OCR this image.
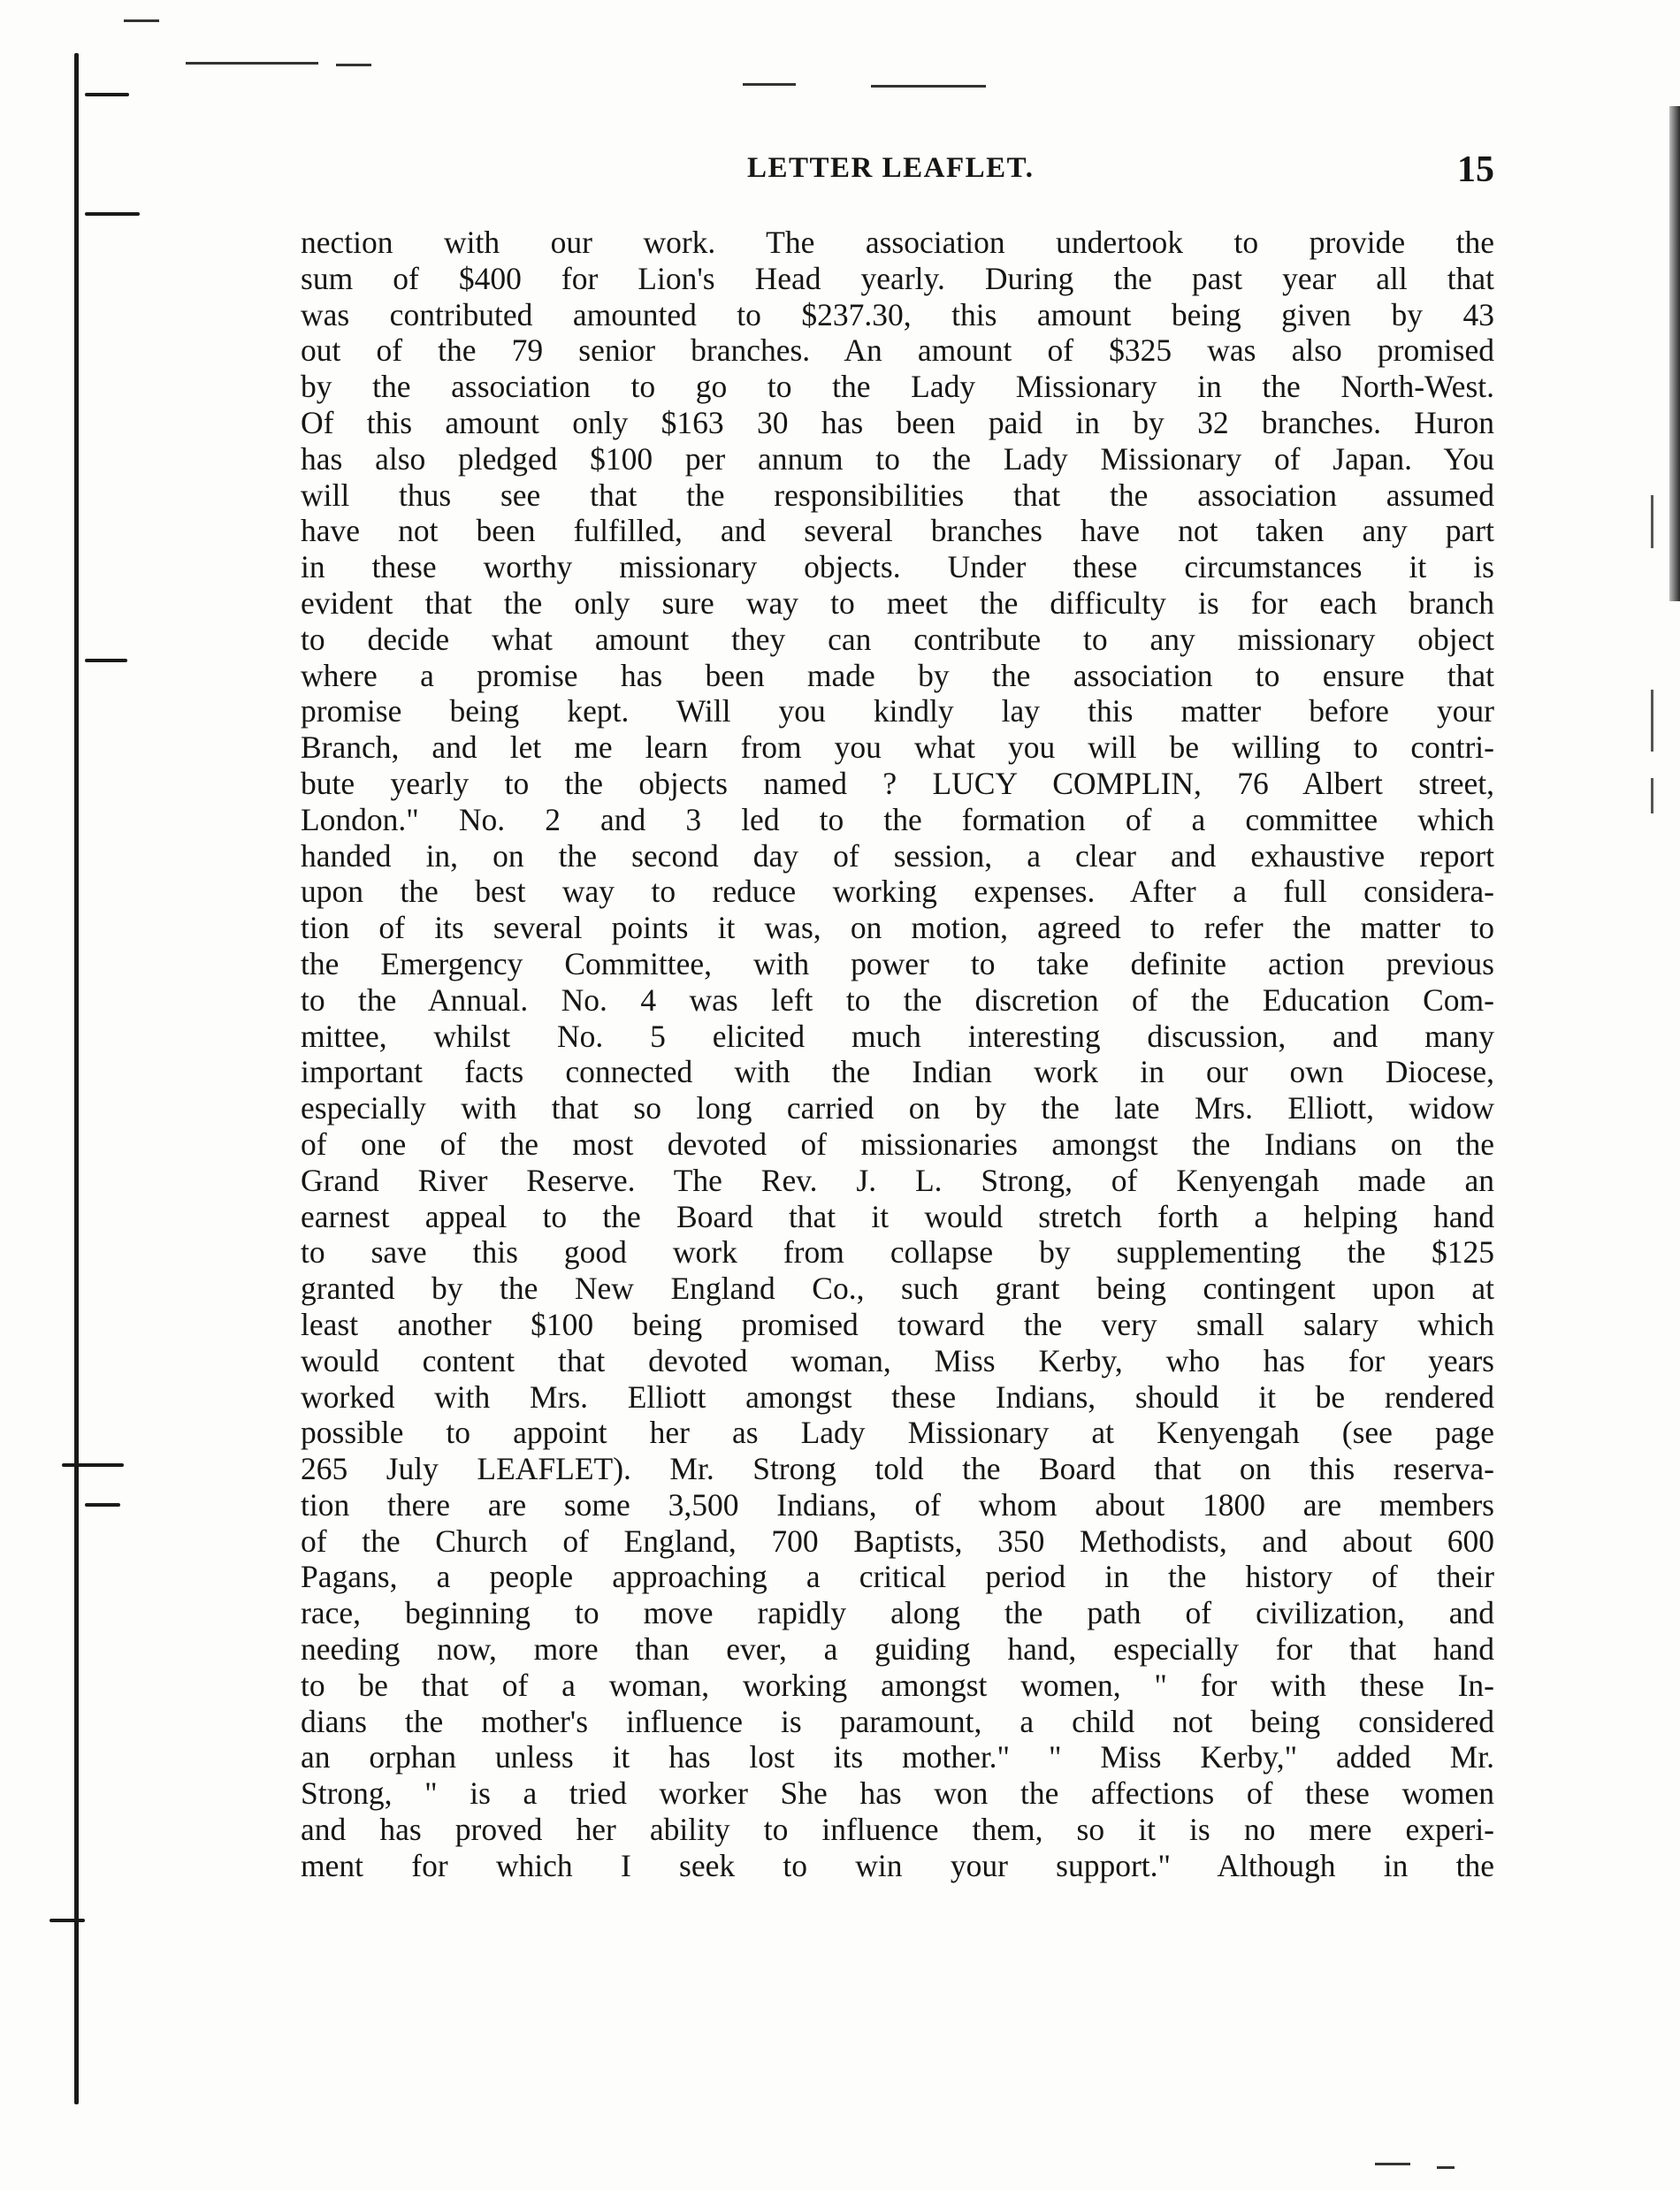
LETTER LEAFLET.	15
nection with our work. The association undertook to provide the
sum of $400 for Lion's Head yearly. During the past year all that
was contributed amounted to $237.30, this amount being given by 43
out of the 79 senior branches. An amount of $325 was also promised
by the association to go to the Lady Missionary in the North-West.
Of this amount only $163 30 has been paid in by 32 branches. Huron
has also pledged $100 per annum to the Lady Missionary of Japan. You
will thus see that the responsibilities that the association assumed
have not been fulfilled, and several branches have not taken any part
in these worthy missionary objects. Under these circumstances it is
evident that the only sure way to meet the difficulty is for each branch
to decide what amount they can contribute to any missionary object
where a promise has been made by the association to ensure that
promise being kept. Will you kindly lay this matter before your
Branch, and let me learn from you what you will be willing to contri-
bute yearly to the objects named ? LUCY COMPLIN, 76 Albert street,
London." No. 2 and 3 led to the formation of a committee which
handed in, on the second day of session, a clear and exhaustive report
upon the best way to reduce working expenses. After a full considera-
tion of its several points it was, on motion, agreed to refer the matter to
the Emergency Committee, with power to take definite action previous
to the Annual. No. 4 was left to the discretion of the Education Com-
mittee, whilst No. 5 elicited much interesting discussion, and many
important facts connected with the Indian work in our own Diocese,
especially with that so long carried on by the late Mrs. Elliott, widow
of one of the most devoted of missionaries amongst the Indians on the
Grand River Reserve. The Rev. J. L. Strong, of Kenyengah made an
earnest appeal to the Board that it would stretch forth a helping hand
to save this good work from collapse by supplementing the $125
granted by the New England Co., such grant being contingent upon at
least another $100 being promised toward the very small salary which
would content that devoted woman, Miss Kerby, who has for years
worked with Mrs. Elliott amongst these Indians, should it be rendered
possible to appoint her as Lady Missionary at Kenyengah (see page
265 July LEAFLET). Mr. Strong told the Board that on this reserva-
tion there are some 3,500 Indians, of whom about 1800 are members
of the Church of England, 700 Baptists, 350 Methodists, and about 600
Pagans, a people approaching a critical period in the history of their
race, beginning to move rapidly along the path of civilization, and
needing now, more than ever, a guiding hand, especially for that hand
to be that of a woman, working amongst women, " for with these In-
dians the mother's influence is paramount, a child not being considered
an orphan unless it has lost its mother." " Miss Kerby," added Mr.
Strong, " is a tried worker She has won the affections of these women
and has proved her ability to influence them, so it is no mere experi-
ment for which I seek to win your support." Although in the
